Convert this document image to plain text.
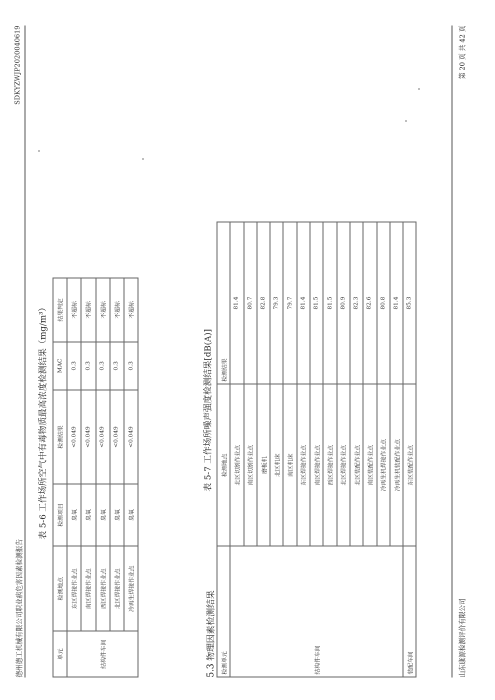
德州德工机械有限公司职业病危害因素检测报告
SDKYZWJP2020040619
表 5-6 工作场所空气中有毒物质最高浓度检测结果（mg/m³）
单元	检测地点	检测项目	检测结果	MAC	结果判定
结构件车间	东区焊接作业点	臭氧	<0.049	0.3	不超标
	南区焊接作业点	臭氧	<0.049	0.3	不超标
	西区焊接作业点	臭氧	<0.049	0.3	不超标
	北区焊接作业点	臭氧	<0.049	0.3	不超标
	冷再生焊接作业点	臭氧	<0.049	0.3	不超标
5.3 物理因素检测结果
表 5-7 工作场所噪声强度检测结果[dB(A)]
检测单元	检测地点	检测结果
结构件车间	北区切割作业点	81.4
	南区切割作业点	80.7
	磨板机	82.8
	北区机床	79.3
	南区机床	79.7
	东区焊接作业点	81.4
	南区焊接作业点	81.5
	西区焊接作业点	81.5
	北区焊接作业点	80.9
	北区装配作业点	82.3
	南区装配作业点	82.6
	冷再生机焊接作业点	80.8
	冷再生机装配作业点	81.4
装配车间	东区装配作业点	85.3
山东康源检测评价有限公司
第 20 页 共 42 页
